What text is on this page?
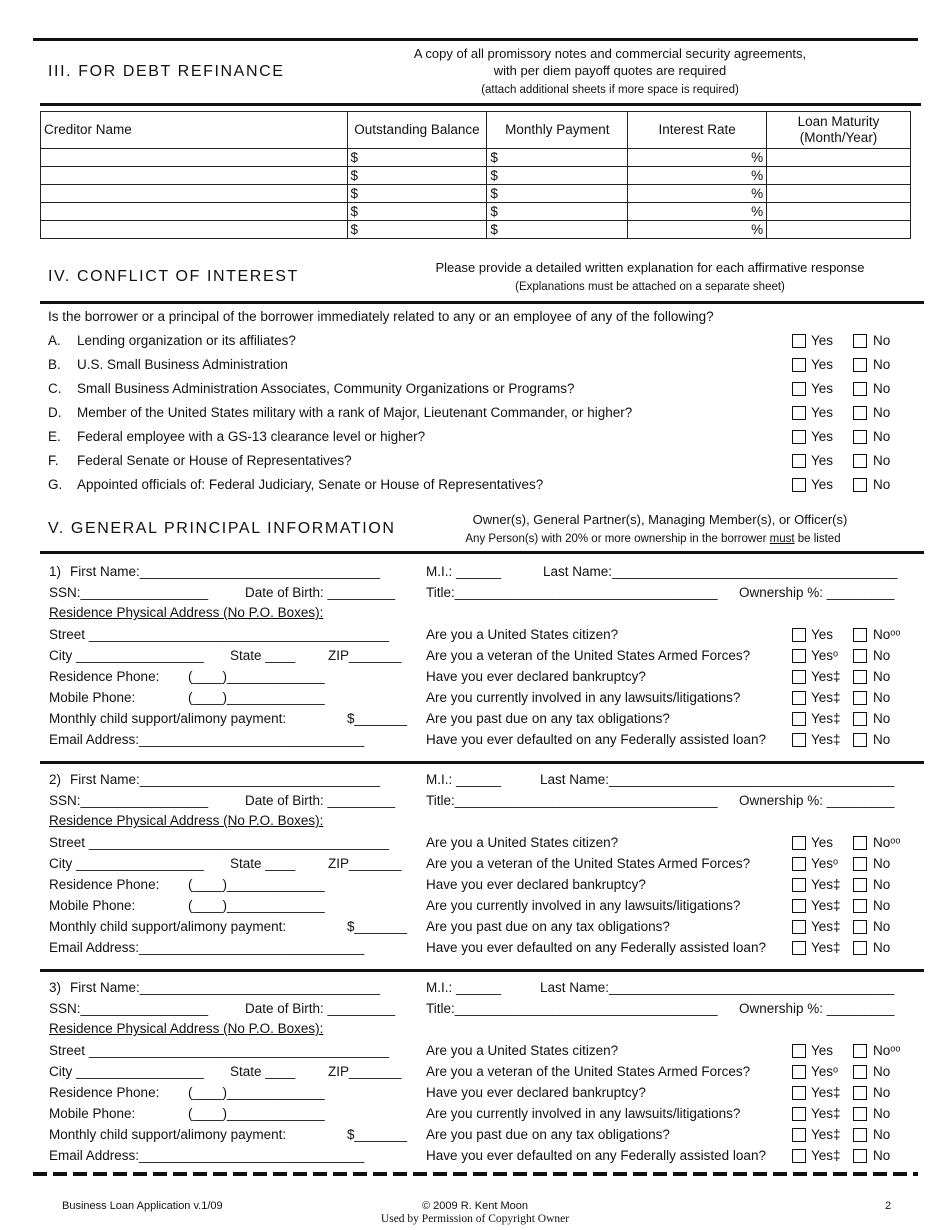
III. FOR DEBT REFINANCE
A copy of all promissory notes and commercial security agreements,
with per diem payoff quotes are required
(attach additional sheets if more space is required)
Creditor Name	Outstanding Balance	Monthly Payment	Interest Rate	Loan Maturity (Month/Year)
	$	$	%	
	$	$	%	
	$	$	%	
	$	$	%	
	$	$	%	
IV. CONFLICT OF INTEREST
Please provide a detailed written explanation for each affirmative response
(Explanations must be attached on a separate sheet)
Is the borrower or a principal of the borrower immediately related to any or an employee of any of the following?
A. Lending organization or its affiliates?	Yes	No
B. U.S. Small Business Administration	Yes	No
C. Small Business Administration Associates, Community Organizations or Programs?	Yes	No
D. Member of the United States military with a rank of Major, Lieutenant Commander, or higher?	Yes	No
E. Federal employee with a GS-13 clearance level or higher?	Yes	No
F. Federal Senate or House of Representatives?	Yes	No
G. Appointed officials of: Federal Judiciary, Senate or House of Representatives?	Yes	No
V. GENERAL PRINCIPAL INFORMATION
Owner(s), General Partner(s), Managing Member(s), or Officer(s)
Any Person(s) with 20% or more ownership in the borrower must be listed
1) First Name:________________________________	M.I.: ______	Last Name:______________________________________
SSN:_________________	Date of Birth: _________ Title:___________________________________ Ownership %: _________
Residence Physical Address (No P.O. Boxes):
Street ________________________________________
City _________________ State ____ ZIP_______
Residence Phone: (____)_____________
Mobile Phone:	(____)_____________
Monthly child support/alimony payment:	$_______
Email Address:______________________________
Are you a United States citizen?	Yes	Noᵒᵒ
Are you a veteran of the United States Armed Forces?	Yesᵒ	No
Have you ever declared bankruptcy?	Yes‡ No
Are you currently involved in any lawsuits/litigations?	Yes‡ No
Are you past due on any tax obligations?	Yes‡ No
Have you ever defaulted on any Federally assisted loan?	Yes‡ No
2) First Name:________________________________	M.I.: ______	Last Name:______________________________________
SSN:_________________	Date of Birth: _________ Title:___________________________________ Ownership %: _________
Residence Physical Address (No P.O. Boxes):
Street ________________________________________
City _________________ State ____ ZIP_______
Residence Phone: (____)_____________
Mobile Phone:	(____)_____________
Monthly child support/alimony payment:	$_______
Email Address:______________________________
Are you a United States citizen?	Yes	Noᵒᵒ
Are you a veteran of the United States Armed Forces?	Yesᵒ	No
Have you ever declared bankruptcy?	Yes‡ No
Are you currently involved in any lawsuits/litigations?	Yes‡ No
Are you past due on any tax obligations?	Yes‡ No
Have you ever defaulted on any Federally assisted loan?	Yes‡ No
3) First Name:________________________________	M.I.: ______	Last Name:______________________________________
SSN:_________________	Date of Birth: _________ Title:___________________________________ Ownership %: _________
Residence Physical Address (No P.O. Boxes):
Street ________________________________________
City _________________ State ____ ZIP_______
Residence Phone: (____)_____________
Mobile Phone:	(____)_____________
Monthly child support/alimony payment:	$_______
Email Address:______________________________
Are you a United States citizen?	Yes	Noᵒᵒ
Are you a veteran of the United States Armed Forces?	Yesᵒ	No
Have you ever declared bankruptcy?	Yes‡ No
Are you currently involved in any lawsuits/litigations?	Yes‡ No
Are you past due on any tax obligations?	Yes‡ No
Have you ever defaulted on any Federally assisted loan?	Yes‡ No
Business Loan Application v.1/09	© 2009 R. Kent Moon
Used by Permission of Copyright Owner
2
